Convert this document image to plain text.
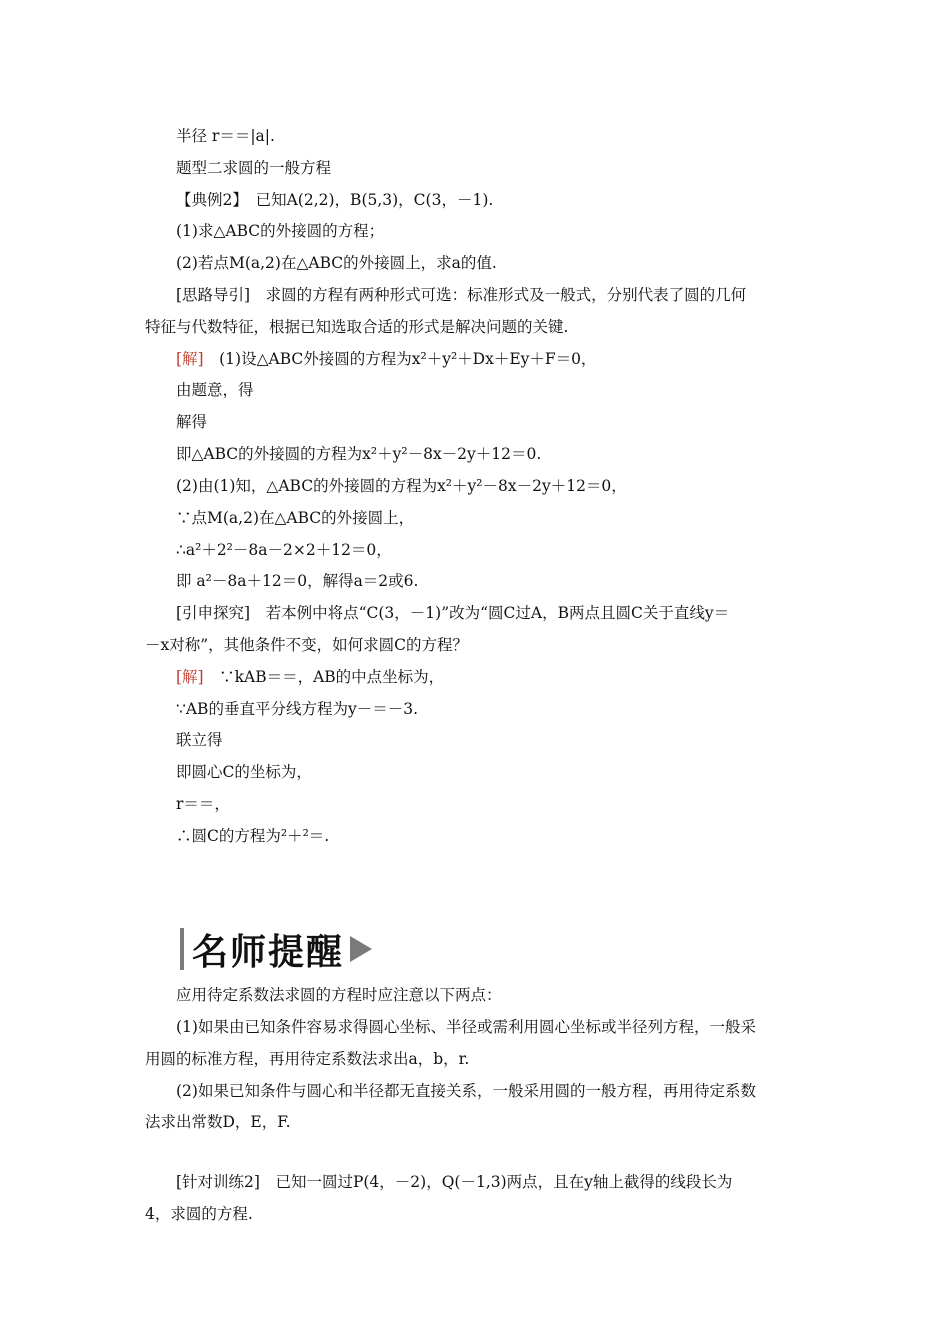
半径 r＝＝|a|.
题型二求圆的一般方程
【典例2】　已知A(2,2)，B(5,3)，C(3，－1).
(1)求△ABC的外接圆的方程；
(2)若点M(a,2)在△ABC的外接圆上，求a的值.
[思路导引]　求圆的方程有两种形式可选：标准形式及一般式，分别代表了圆的几何
特征与代数特征，根据已知选取合适的形式是解决问题的关键.
[解]　 (1)设△ABC外接圆的方程为x²＋y²＋Dx＋Ey＋F＝0，
由题意，得
解得
即△ABC的外接圆的方程为x²＋y²－8x－2y＋12＝0.
(2)由(1)知，△ABC的外接圆的方程为x²＋y²－8x－2y＋12＝0，
∵点M(a,2)在△ABC的外接圆上，
∴a²＋2²－8a－2×2＋12＝0，
即 a²－8a＋12＝0，解得a＝2或6.
[引申探究]　若本例中将点“C(3，－1)”改为“圆C过A，B两点且圆C关于直线y＝
－x对称”，其他条件不变，如何求圆C的方程？
[解]　 ∵kAB＝＝，AB的中点坐标为，
∵AB的垂直平分线方程为y－＝－3.
联立得
即圆心C的坐标为，
r＝＝，
∴圆C的方程为²＋²＝.
名师提醒
应用待定系数法求圆的方程时应注意以下两点：
(1)如果由已知条件容易求得圆心坐标、半径或需利用圆心坐标或半径列方程，一般采
用圆的标准方程，再用待定系数法求出a，b，r.
(2)如果已知条件与圆心和半径都无直接关系，一般采用圆的一般方程，再用待定系数
法求出常数D，E，F.
[针对训练2]　已知一圆过P(4，－2)，Q(－1,3)两点，且在y轴上截得的线段长为
4，求圆的方程.
